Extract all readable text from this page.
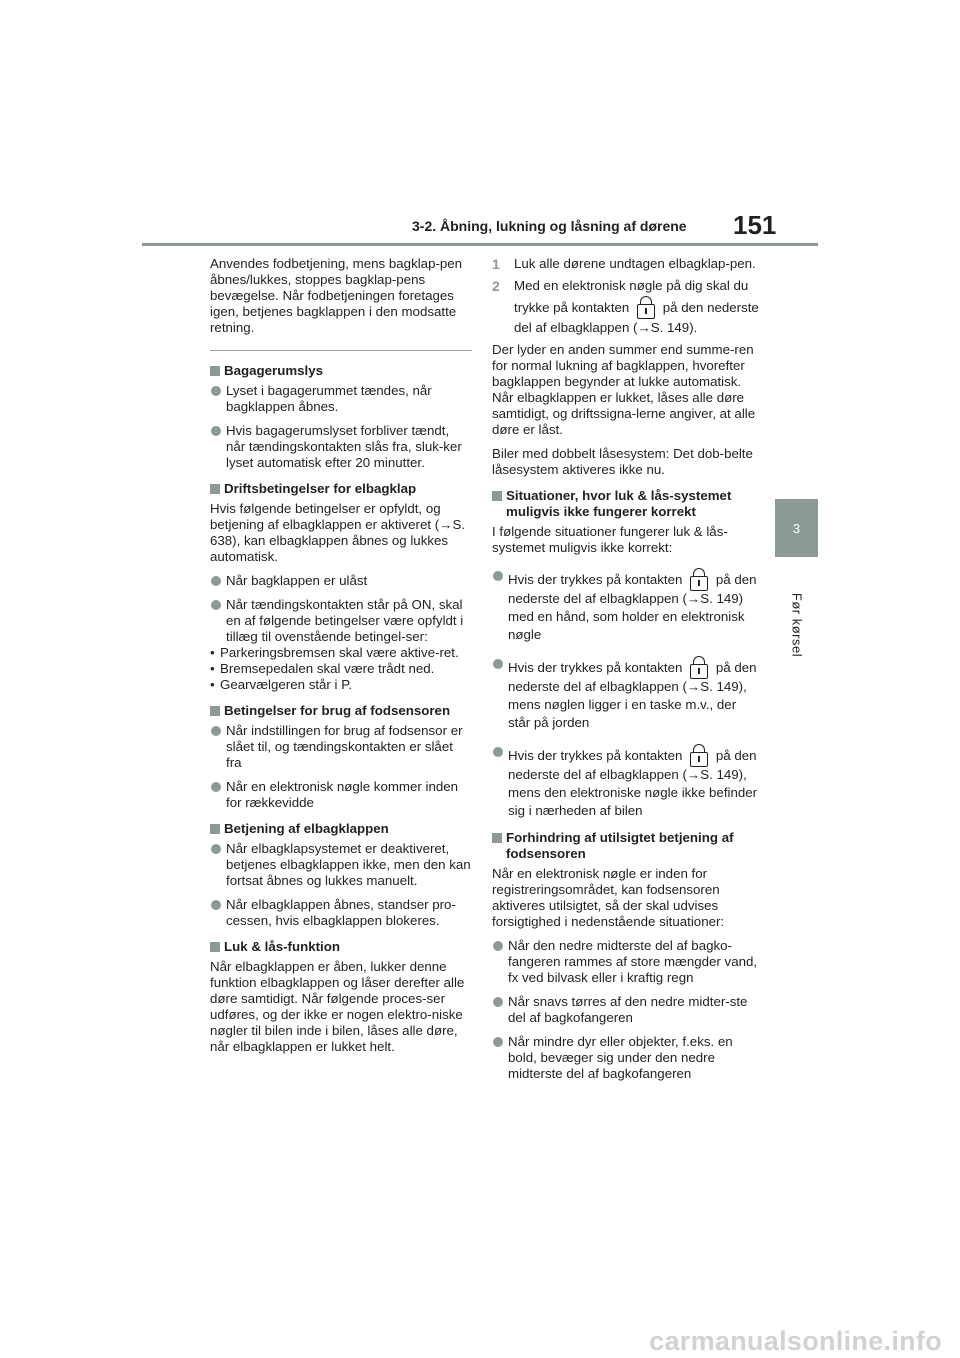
3-2. Åbning, lukning og låsning af dørene 151
3
Før kørsel

Anvendes fodbetjening, mens bagklap-pen åbnes/lukkes, stoppes bagklap-pens bevægelse. Når fodbetjeningen foretages igen, betjenes bagklappen i den modsatte retning.

Bagagerumslys
Lyset i bagagerummet tændes, når bagklappen åbnes.
Hvis bagagerumslyset forbliver tændt, når tændingskontakten slås fra, sluk-ker lyset automatisk efter 20 minutter.
Driftsbetingelser for elbagklap

Hvis følgende betingelser er opfyldt, og betjening af elbagklappen er aktiveret (→S. 638), kan elbagklappen åbnes og lukkes automatisk.

Når bagklappen er ulåst
Når tændingskontakten står på ON, skal en af følgende betingelser være opfyldt i tillæg til ovenstående betingel-ser:

• Parkeringsbremsen skal være aktive-ret.

• Bremsepedalen skal være trådt ned.

• Gearvælgeren står i P.

Betingelser for brug af fodsensoren
Når indstillingen for brug af fodsensor er slået til, og tændingskontakten er slået fra
Når en elektronisk nøgle kommer inden for rækkevidde
Betjening af elbagklappen
Når elbagklapsystemet er deaktiveret, betjenes elbagklappen ikke, men den kan fortsat åbnes og lukkes manuelt.
Når elbagklappen åbnes, standser pro-cessen, hvis elbagklappen blokeres.
Luk & lås-funktion

Når elbagklappen er åben, lukker denne funktion elbagklappen og låser derefter alle døre samtidigt. Når følgende proces-ser udføres, og der ikke er nogen elektro-niske nøgler til bilen inde i bilen, låses alle døre, når elbagklappen er lukket helt.

1 Luk alle dørene undtagen elbagklap-pen.
2 Med en elektronisk nøgle på dig skal du trykke på kontakten	på den nederste del af elbagklappen (→S. 149).

Der lyder en anden summer end summe-ren for normal lukning af bagklappen, hvorefter bagklappen begynder at lukke automatisk. Når elbagklappen er lukket, låses alle døre samtidigt, og driftssigna-lerne angiver, at alle døre er låst.

Biler med dobbelt låsesystem: Det dob-belte låsesystem aktiveres ikke nu.

Situationer, hvor luk & lås-systemet muligvis ikke fungerer korrekt

I følgende situationer fungerer luk & lås-systemet muligvis ikke korrekt:

Hvis der trykkes på kontakten	på den nederste del af elbagklappen (→S. 149) med en hånd, som holder en elektronisk nøgle
Hvis der trykkes på kontakten	på den nederste del af elbagklappen (→S. 149), mens nøglen ligger i en taske m.v., der står på jorden
Hvis der trykkes på kontakten	på den nederste del af elbagklappen (→S. 149), mens den elektroniske nøgle ikke befinder sig i nærheden af bilen
Forhindring af utilsigtet betjening af fodsensoren

Når en elektronisk nøgle er inden for registreringsområdet, kan fodsensoren aktiveres utilsigtet, så der skal udvises forsigtighed i nedenstående situationer:

Når den nedre midterste del af bagko-fangeren rammes af store mængder vand, fx ved bilvask eller i kraftig regn
Når snavs tørres af den nedre midter-ste del af bagkofangeren
Når mindre dyr eller objekter, f.eks. en bold, bevæger sig under den nedre midterste del af bagkofangeren
carmanualsonline.info
